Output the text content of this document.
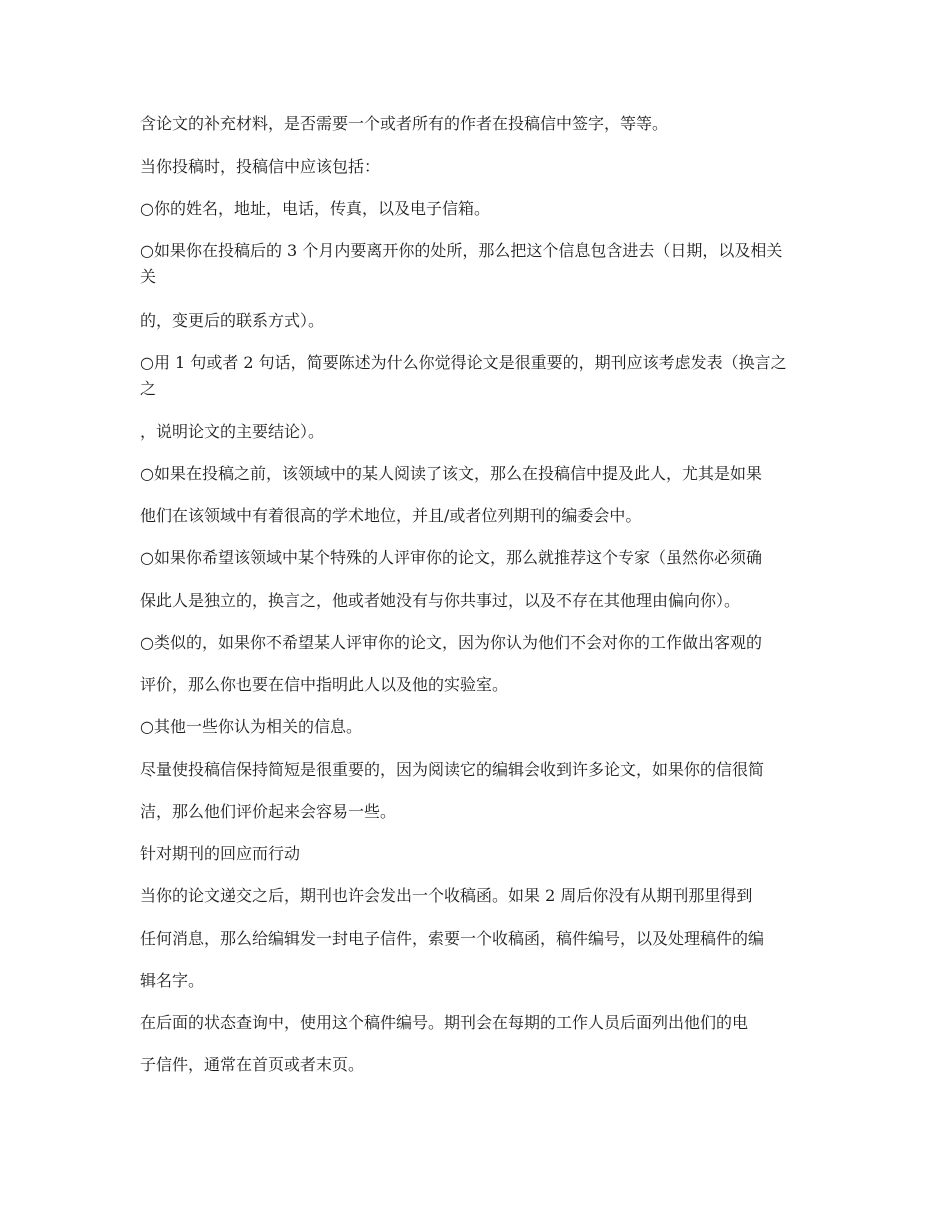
含论文的补充材料，是否需要一个或者所有的作者在投稿信中签字，等等。

当你投稿时，投稿信中应该包括：

○你的姓名，地址，电话，传真，以及电子信箱。

○如果你在投稿后的 3 个月内要离开你的处所，那么把这个信息包含进去（日期，以及相关

关

的，变更后的联系方式）。

○用 1 句或者 2 句话，简要陈述为什么你觉得论文是很重要的，期刊应该考虑发表（换言之

之

，说明论文的主要结论）。

○如果在投稿之前，该领域中的某人阅读了该文，那么在投稿信中提及此人，尤其是如果

他们在该领域中有着很高的学术地位，并且/或者位列期刊的编委会中。

○如果你希望该领域中某个特殊的人评审你的论文，那么就推荐这个专家（虽然你必须确

保此人是独立的，换言之，他或者她没有与你共事过，以及不存在其他理由偏向你）。

○类似的，如果你不希望某人评审你的论文，因为你认为他们不会对你的工作做出客观的

评价，那么你也要在信中指明此人以及他的实验室。

○其他一些你认为相关的信息。

尽量使投稿信保持简短是很重要的，因为阅读它的编辑会收到许多论文，如果你的信很简

洁，那么他们评价起来会容易一些。

针对期刊的回应而行动

当你的论文递交之后，期刊也许会发出一个收稿函。如果 2 周后你没有从期刊那里得到

任何消息，那么给编辑发一封电子信件，索要一个收稿函，稿件编号，以及处理稿件的编

辑名字。

在后面的状态查询中，使用这个稿件编号。期刊会在每期的工作人员后面列出他们的电

子信件，通常在首页或者末页。
